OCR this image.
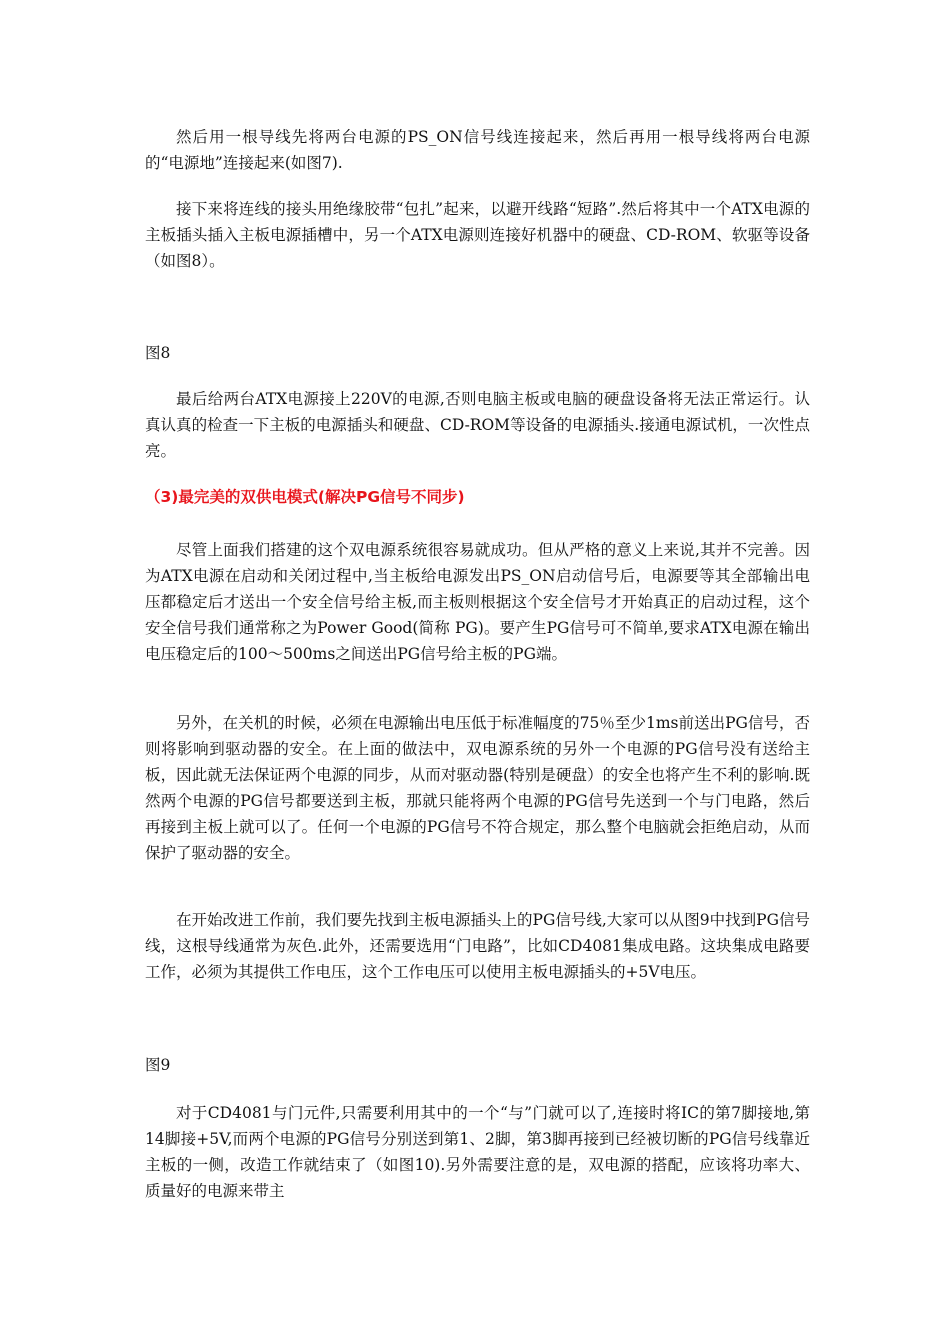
然后用一根导线先将两台电源的PS_ON信号线连接起来，然后再用一根导线将两台电源的“电源地”连接起来(如图7).

接下来将连线的接头用绝缘胶带“包扎”起来，以避开线路“短路”.然后将其中一个ATX电源的主板插头插入主板电源插槽中，另一个ATX电源则连接好机器中的硬盘、CD-ROM、软驱等设备（如图8）。

图8

最后给两台ATX电源接上220V的电源,否则电脑主板或电脑的硬盘设备将无法正常运行。认真认真的检查一下主板的电源插头和硬盘、CD-ROM等设备的电源插头.接通电源试机，一次性点亮。

（3)最完美的双供电模式(解决PG信号不同步)

尽管上面我们搭建的这个双电源系统很容易就成功。但从严格的意义上来说,其并不完善。因为ATX电源在启动和关闭过程中,当主板给电源发出PS_ON启动信号后，电源要等其全部输出电压都稳定后才送出一个安全信号给主板,而主板则根据这个安全信号才开始真正的启动过程，这个安全信号我们通常称之为Power Good(简称 PG)。要产生PG信号可不简单,要求ATX电源在输出电压稳定后的100～500ms之间送出PG信号给主板的PG端。

另外，在关机的时候，必须在电源输出电压低于标准幅度的75％至少1ms前送出PG信号，否则将影响到驱动器的安全。在上面的做法中，双电源系统的另外一个电源的PG信号没有送给主板，因此就无法保证两个电源的同步，从而对驱动器(特别是硬盘）的安全也将产生不利的影响.既然两个电源的PG信号都要送到主板，那就只能将两个电源的PG信号先送到一个与门电路，然后再接到主板上就可以了。任何一个电源的PG信号不符合规定，那么整个电脑就会拒绝启动，从而保护了驱动器的安全。

在开始改进工作前，我们要先找到主板电源插头上的PG信号线,大家可以从图9中找到PG信号线，这根导线通常为灰色.此外，还需要选用“门电路”，比如CD4081集成电路。这块集成电路要工作，必须为其提供工作电压，这个工作电压可以使用主板电源插头的+5V电压。

图9

对于CD4081与门元件,只需要利用其中的一个“与”门就可以了,连接时将IC的第7脚接地,第14脚接+5V,而两个电源的PG信号分别送到第1、2脚，第3脚再接到已经被切断的PG信号线靠近主板的一侧，改造工作就结束了（如图10).另外需要注意的是，双电源的搭配，应该将功率大、质量好的电源来带主
